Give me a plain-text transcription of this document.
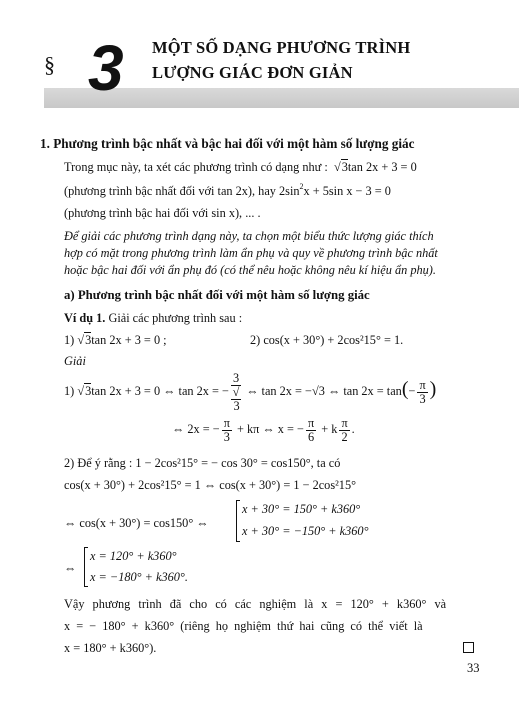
§ 3 MỘT SỐ DẠNG PHƯƠNG TRÌNH
LƯỢNG GIÁC ĐƠN GIẢN
1. Phương trình bậc nhất và bậc hai đối với một hàm số lượng giác
Trong mục này, ta xét các phương trình có dạng như : √3tan 2x + 3 = 0
(phương trình bậc nhất đối với tan 2x), hay $2\sin^2x + 5\sin$ x − 3 = 0
(phương trình bậc hai đối với sin x), ... .
Để giải các phương trình dạng này, ta chọn một biểu thức lượng giác thích
hợp có mặt trong phương trình làm ẩn phụ và quy về phương trình bậc nhất
hoặc bậc hai đối với ẩn phụ đó (có thể nêu hoặc không nêu kí hiệu ẩn phụ).
a) Phương trình bậc nhất đối với một hàm số lượng giác
Ví dụ 1. Giải các phương trình sau :
1) √3tan 2x + 3 = 0 ;	2) cos(x + 30°) + 2cos²15° = 1.
Giải
1) √3tan 2x + 3 = 0 ⇔ tan 2x = − 3
√
3 ⇔ tan 2x = −√3 ⇔ $\tan 2x = \tan(- \frac{\pi}{3}$ )
⇔ 2x = − $\frac{\pi}{3} + k\pi$ ⇔ x = − $\frac{\pi}{6} + k \frac{\pi}{2}$ .
2) Để ý rằng : 1 − 2cos²15° = − cos 30° = cos150°, ta có
cos(x + 30°) + 2cos²15° = 1 ⇔ cos(x + 30°) = 1 − 2cos²15°
⇔ cos(x + 30°) = cos150° ⇔
x + 30° = 150° + k360°
x + 30° = −150° + k360°
⇔
x = 120° + k360°
x = −180° + k360°.
Vậy phương trình đã cho có các nghiệm là x = 120° + k360° và
x = − 180° + k360° (riêng họ nghiệm thứ hai cũng có thể viết là
x = 180° + k360°).
33
